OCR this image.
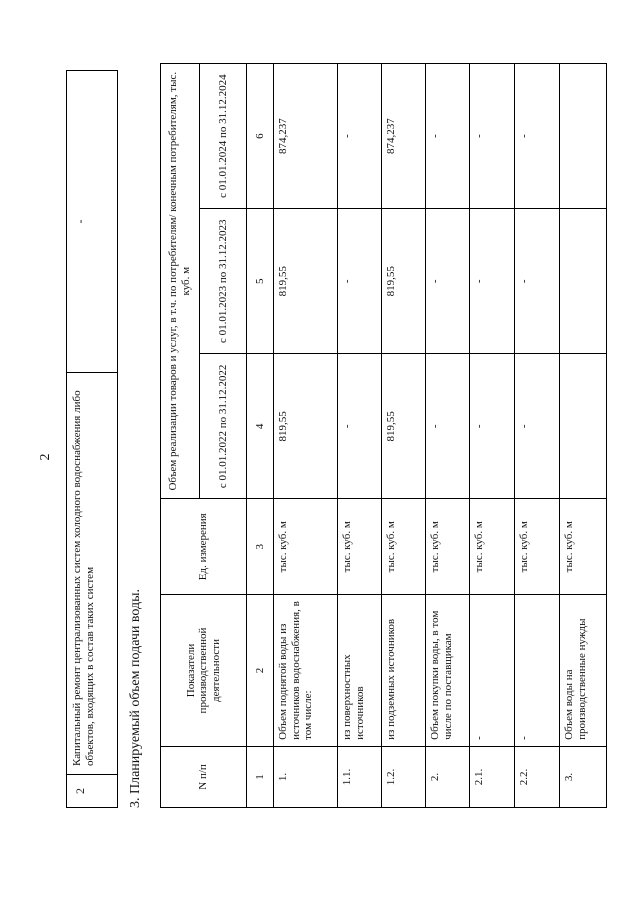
2
2	Капитальный ремонт централизованных систем холодного водоснабжения либо объектов, входящих в состав таких систем	-
3. Планируемый объем подачи воды.	N п/п	Показатели производственной деятельности	Ед. измерения	Объем реализации товаров и услуг, в т.ч. по потребителям/ конечным потребителям, тыс. куб. м		
			с 01.01.2022 по 31.12.2022	с 01.01.2023 по 31.12.2023	с 01.01.2024 по 31.12.2024
1	2	3	4	5	6
1.	Объем поднятой воды из источников водоснабжения, в том числе:	тыс. куб. м	819,55	819,55	874,237
1.1.	из поверхностных источников	тыс. куб. м	-	-	-
1.2.	из подземных источников	тыс. куб. м	819,55	819,55	874,237
2.	Объем покупки воды, в том числе по поставщикам	тыс. куб. м	-	-	-
2.1.	-	тыс. куб. м	-	-	-
2.2.	-	тыс. куб. м	-	-	-
3.	Объем воды на производственные нужды	тыс. куб. м			
